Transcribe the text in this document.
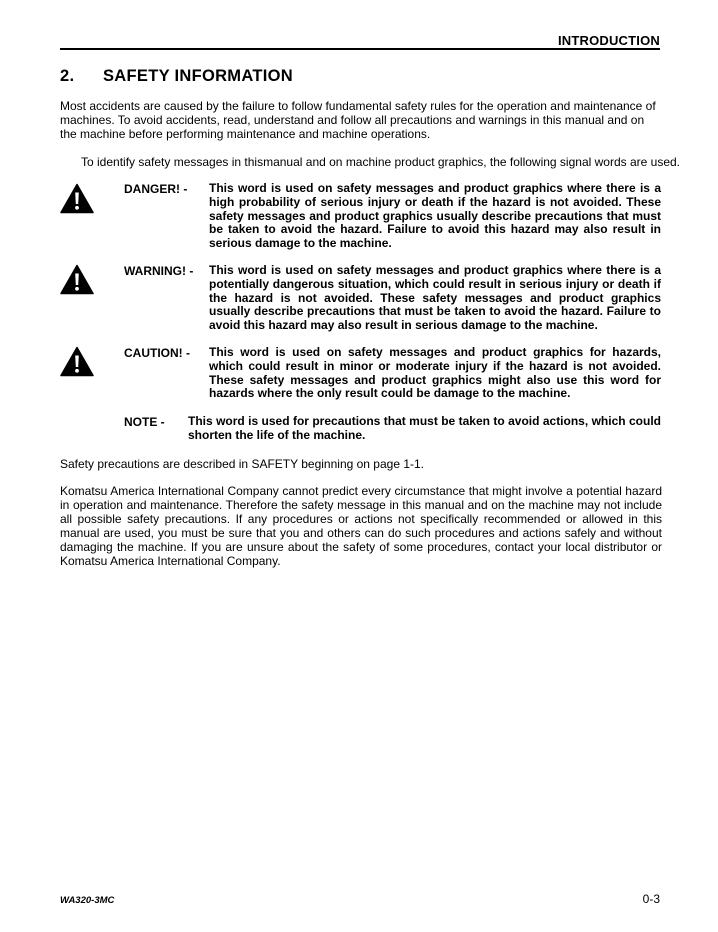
INTRODUCTION
2.	SAFETY INFORMATION
Most accidents are caused by the failure to follow fundamental safety rules for the operation and maintenance of machines. To avoid accidents, read, understand and follow all precautions and warnings in this manual and on the machine before performing maintenance and machine operations.
To identify safety messages in thismanual and on machine product graphics, the following signal words are used.
DANGER! - This word is used on safety messages and product graphics where there is a high probability of serious injury or death if the hazard is not avoided. These safety messages and product graphics usually describe precautions that must be taken to avoid the hazard. Failure to avoid this hazard may also result in serious damage to the machine.
WARNING! - This word is used on safety messages and product graphics where there is a potentially dangerous situation, which could result in serious injury or death if the hazard is not avoided. These safety messages and product graphics usually describe precautions that must be taken to avoid the hazard. Failure to avoid this hazard may also result in serious damage to the machine.
CAUTION! - This word is used on safety messages and product graphics for hazards, which could result in minor or moderate injury if the hazard is not avoided. These safety messages and product graphics might also use this word for hazards where the only result could be damage to the machine.
NOTE - This word is used for precautions that must be taken to avoid actions, which could shorten the life of the machine.
Safety precautions are described in SAFETY beginning on page 1-1.
Komatsu America International Company cannot predict every circumstance that might involve a potential hazard in operation and maintenance. Therefore the safety message in this manual and on the machine may not include all possible safety precautions. If any procedures or actions not specifically recommended or allowed in this manual are used, you must be sure that you and others can do such procedures and actions safely and without damaging the machine. If you are unsure about the safety of some procedures, contact your local distributor or Komatsu America International Company.
WA320-3MC	0-3
